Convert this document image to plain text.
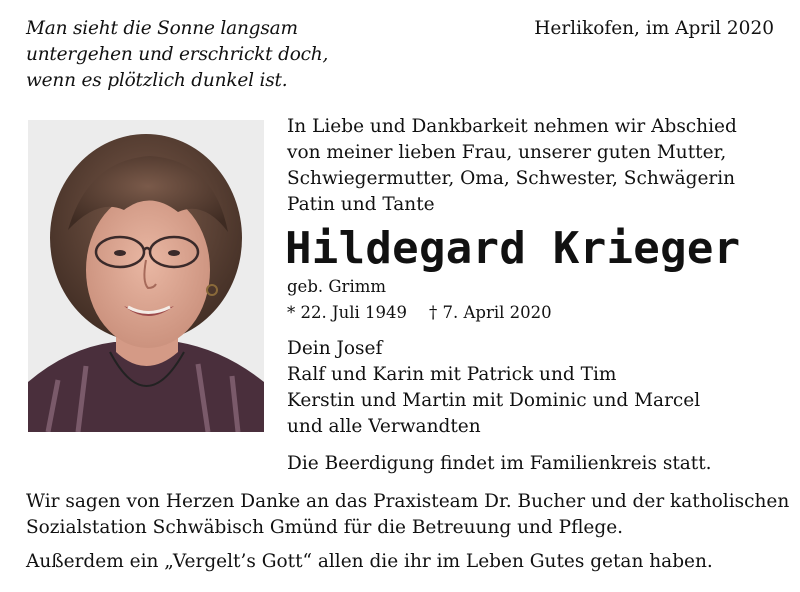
Man sieht die Sonne langsam
untergehen und erschrickt doch,
wenn es plötzlich dunkel ist.
Herlikofen, im April 2020
In Liebe und Dankbarkeit nehmen wir Abschied
von meiner lieben Frau, unserer guten Mutter,
Schwiegermutter, Oma, Schwester, Schwägerin
Patin und Tante
Hildegard Krieger
geb. Grimm
* 22. Juli 1949 † 7. April 2020
Dein Josef
Ralf und Karin mit Patrick und Tim
Kerstin und Martin mit Dominic und Marcel
und alle Verwandten
Die Beerdigung findet im Familienkreis statt.
Wir sagen von Herzen Danke an das Praxisteam Dr. Bucher und der katholischen
Sozialstation Schwäbisch Gmünd für die Betreuung und Pflege.
Außerdem ein „Vergelt’s Gott“ allen die ihr im Leben Gutes getan haben.
